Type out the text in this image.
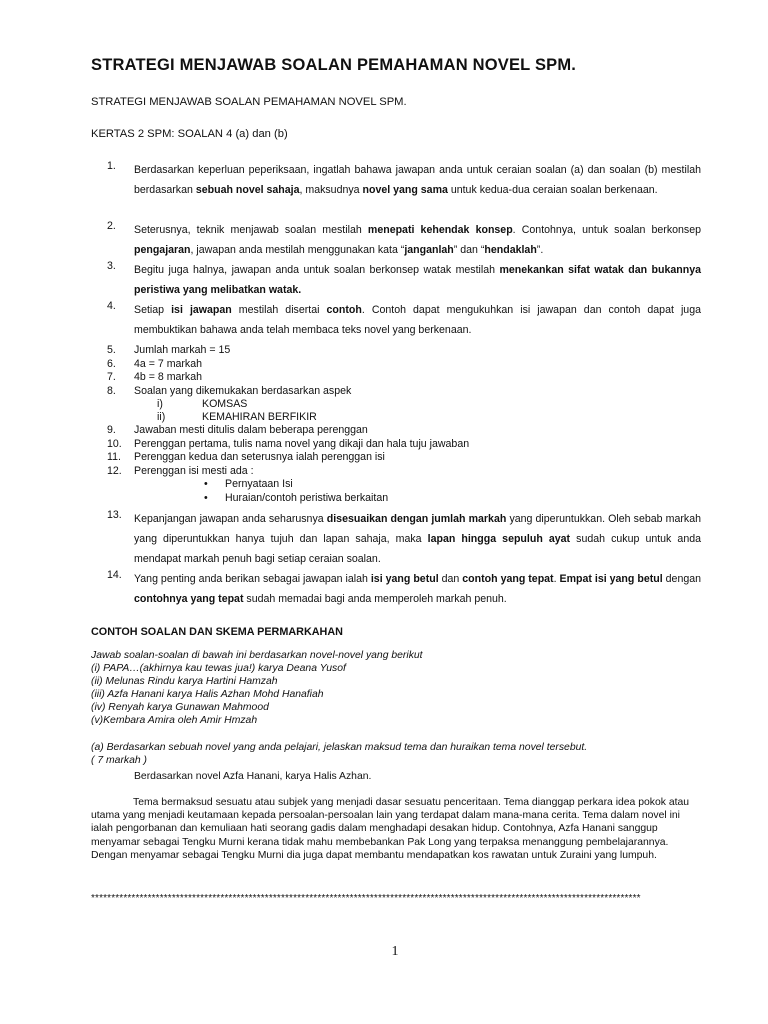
STRATEGI MENJAWAB SOALAN PEMAHAMAN NOVEL SPM.
STRATEGI MENJAWAB SOALAN PEMAHAMAN NOVEL SPM.
KERTAS 2 SPM: SOALAN 4 (a) dan (b)
1.	Berdasarkan keperluan peperiksaan, ingatlah bahawa jawapan anda untuk ceraian soalan (a) dan soalan (b) mestilah berdasarkan sebuah novel sahaja, maksudnya novel yang sama untuk kedua-dua ceraian soalan berkenaan.
2.	Seterusnya, teknik menjawab soalan mestilah menepati kehendak konsep. Contohnya, untuk soalan berkonsep pengajaran, jawapan anda mestilah menggunakan kata “janganlah” dan “hendaklah”.
3.	Begitu juga halnya, jawapan anda untuk soalan berkonsep watak mestilah menekankan sifat watak dan bukannya peristiwa yang melibatkan watak.
4.	Setiap isi jawapan mestilah disertai contoh. Contoh dapat mengukuhkan isi jawapan dan contoh dapat juga membuktikan bahawa anda telah membaca teks novel yang berkenaan.
5.	Jumlah markah = 15
6.	4a = 7 markah
7.	4b = 8 markah
8.	Soalan yang dikemukakan berdasarkan aspek
i)	KOMSAS
ii)	KEMAHIRAN BERFIKIR
9.	Jawaban mesti ditulis dalam beberapa perenggan
10.	Perenggan pertama, tulis nama novel yang dikaji dan hala tuju jawaban
11.	Perenggan kedua dan seterusnya ialah perenggan isi
12.	Perenggan isi mesti ada :
• Pernyataan Isi
• Huraian/contoh peristiwa berkaitan
13.	Kepanjangan jawapan anda seharusnya disesuaikan dengan jumlah markah yang diperuntukkan. Oleh sebab markah yang diperuntukkan hanya tujuh dan lapan sahaja, maka lapan hingga sepuluh ayat sudah cukup untuk anda mendapat markah penuh bagi setiap ceraian soalan.
14.	Yang penting anda berikan sebagai jawapan ialah isi yang betul dan contoh yang tepat. Empat isi yang betul dengan contohnya yang tepat sudah memadai bagi anda memperoleh markah penuh.
CONTOH SOALAN DAN SKEMA PERMARKAHAN
Jawab soalan-soalan di bawah ini berdasarkan novel-novel yang berikut
(i) PAPA…(akhirnya kau tewas jua!) karya Deana Yusof
(ii) Melunas Rindu karya Hartini Hamzah
(iii) Azfa Hanani karya Halis Azhan Mohd Hanafiah
(iv) Renyah karya Gunawan Mahmood
(v)Kembara Amira oleh Amir Hmzah
(a) Berdasarkan sebuah novel yang anda pelajari, jelaskan maksud tema dan huraikan tema novel tersebut.
( 7 markah )
Berdasarkan novel Azfa Hanani, karya Halis Azhan.
Tema bermaksud sesuatu atau subjek yang menjadi dasar sesuatu penceritaan. Tema dianggap perkara idea pokok atau utama yang menjadi keutamaan kepada persoalan-persoalan lain yang terdapat dalam mana-mana cerita. Tema dalam novel ini ialah pengorbanan dan kemuliaan hati seorang gadis dalam menghadapi desakan hidup. Contohnya, Azfa Hanani sanggup menyamar sebagai Tengku Murni kerana tidak mahu membebankan Pak Long yang terpaksa menanggung pembelajarannya. Dengan menyamar sebagai Tengku Murni dia juga dapat membantu mendapatkan kos rawatan untuk Zuraini yang lumpuh.
****************************************************************************************************************************************
1
